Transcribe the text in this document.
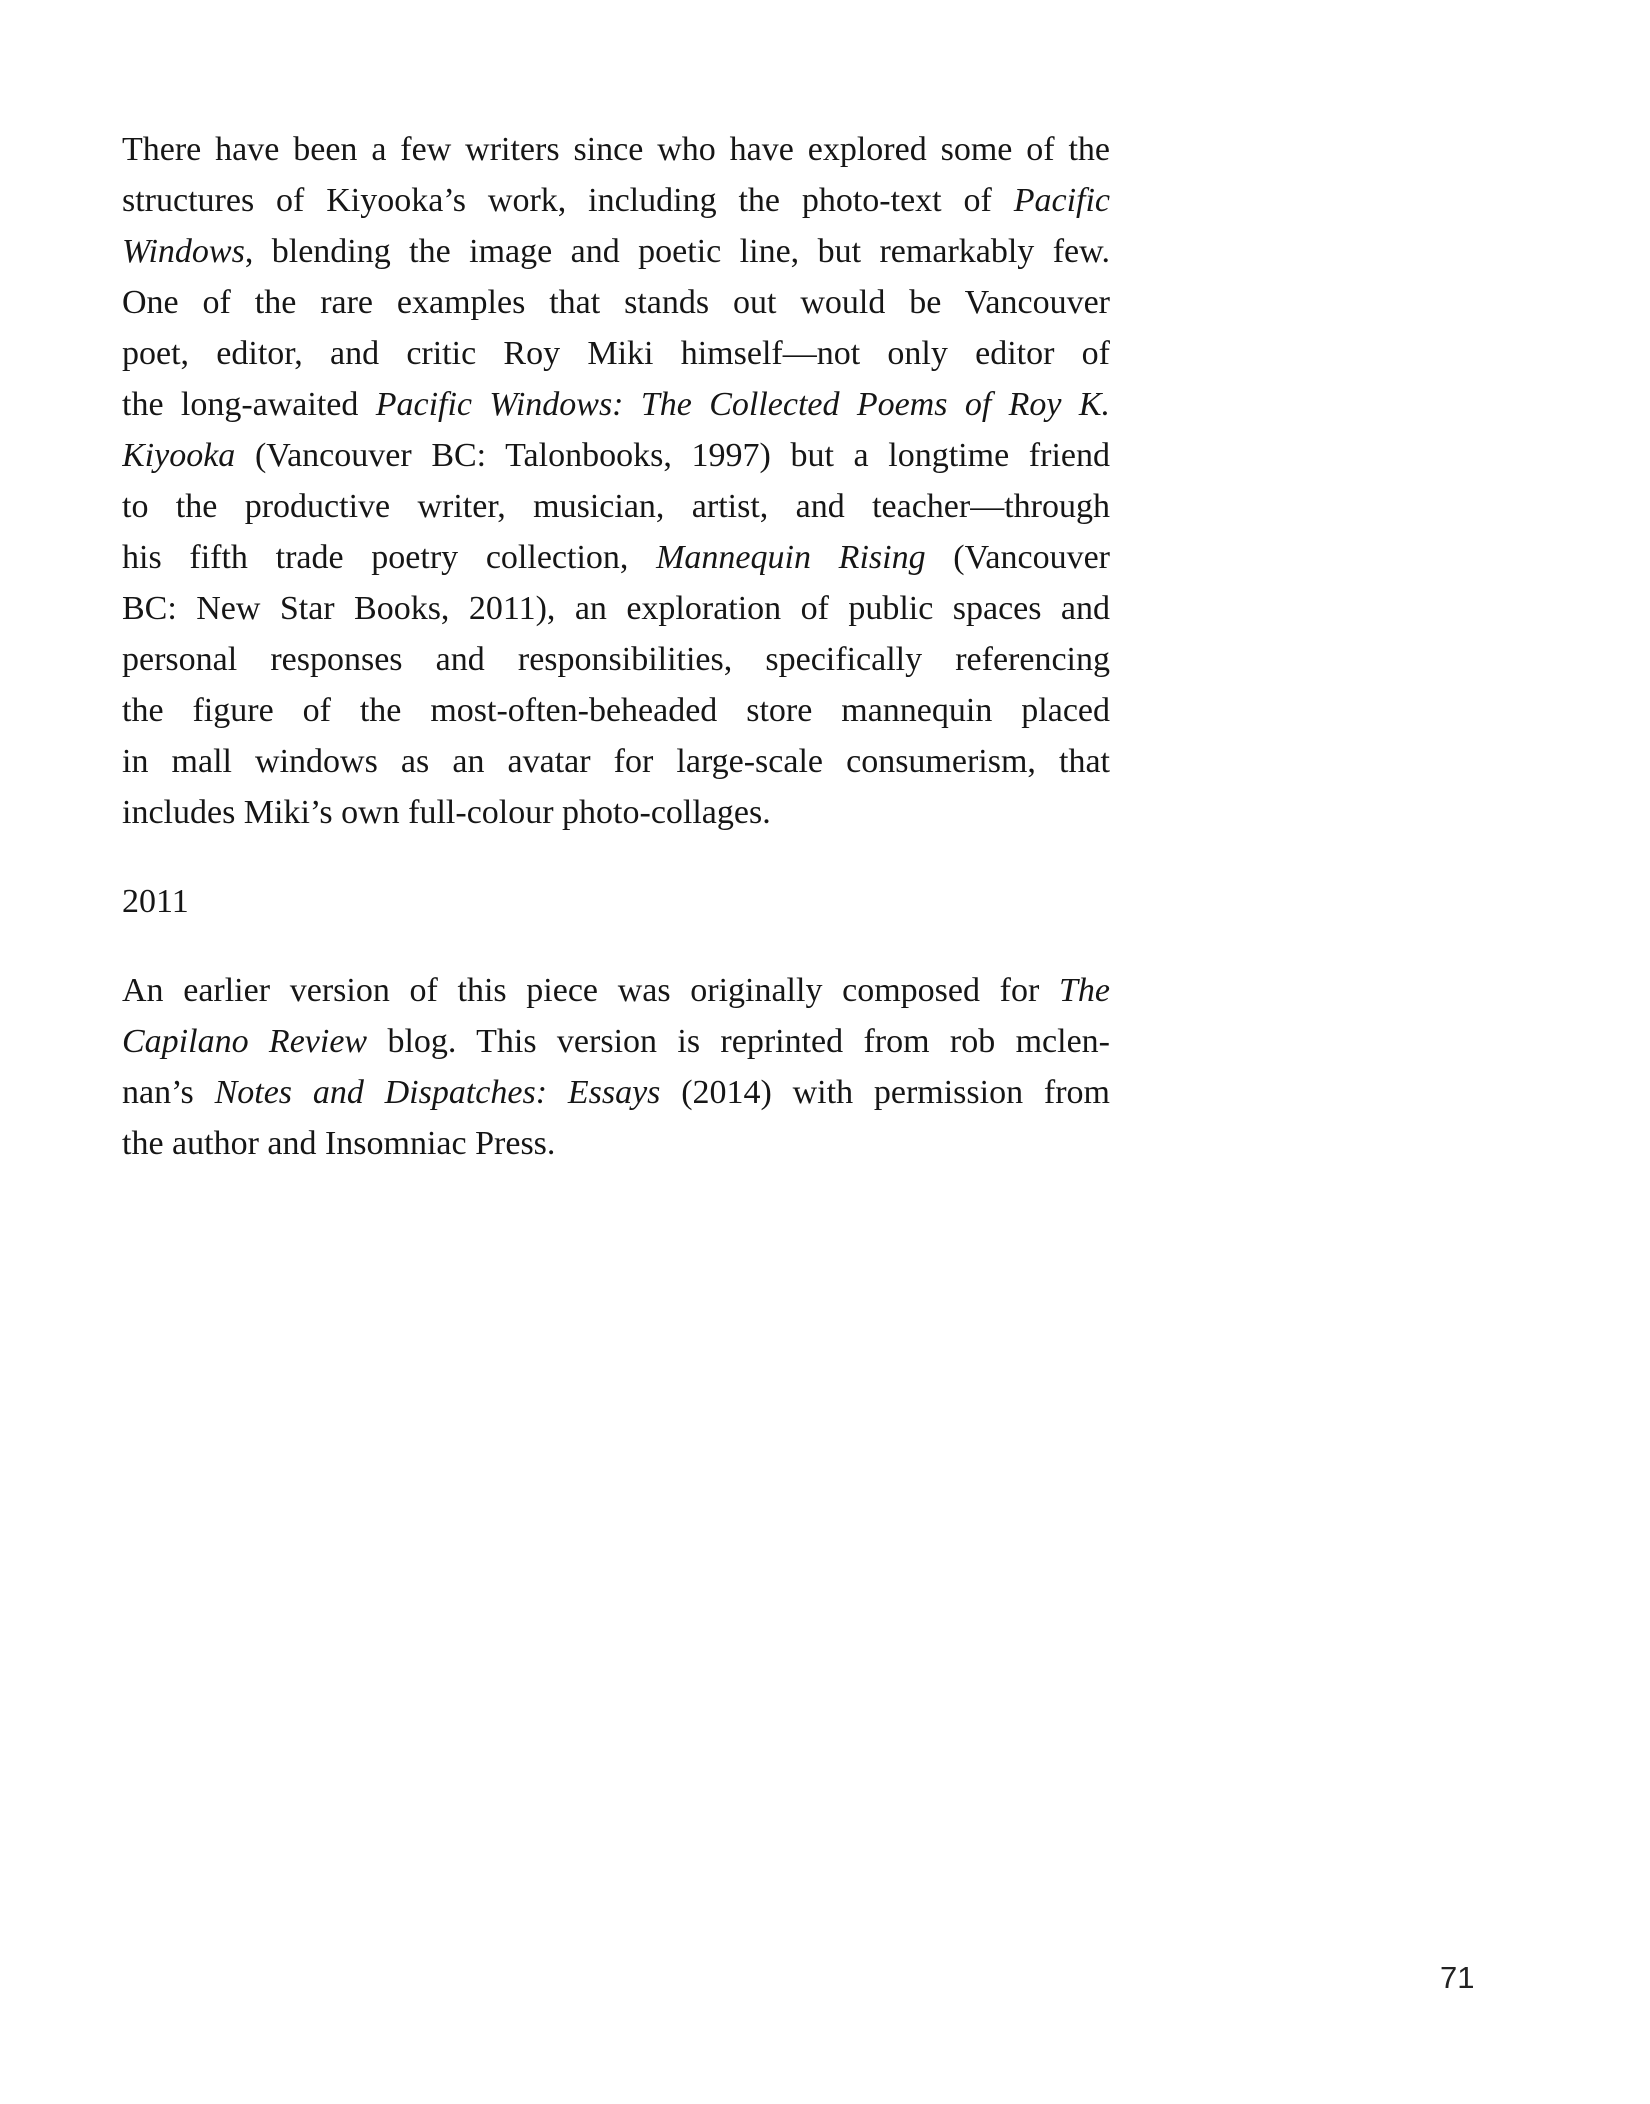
There have been a few writers since who have explored some of the
structures of Kiyooka’s work, including the photo-text of Pacific
Windows, blending the image and poetic line, but remarkably few.
One of the rare examples that stands out would be Vancouver
poet, editor, and critic Roy Miki himself—not only editor of
the long-awaited Pacific Windows: The Collected Poems of Roy K.
Kiyooka (Vancouver BC: Talonbooks, 1997) but a longtime friend
to the productive writer, musician, artist, and teacher—through
his fifth trade poetry collection, Mannequin Rising (Vancouver
BC: New Star Books, 2011), an exploration of public spaces and
personal responses and responsibilities, specifically referencing
the figure of the most-often-beheaded store mannequin placed
in mall windows as an avatar for large-scale consumerism, that
includes Miki’s own full-colour photo-collages.
2011
An earlier version of this piece was originally composed for The
Capilano Review blog. This version is reprinted from rob mclen-
nan’s Notes and Dispatches: Essays (2014) with permission from
the author and Insomniac Press.
71
